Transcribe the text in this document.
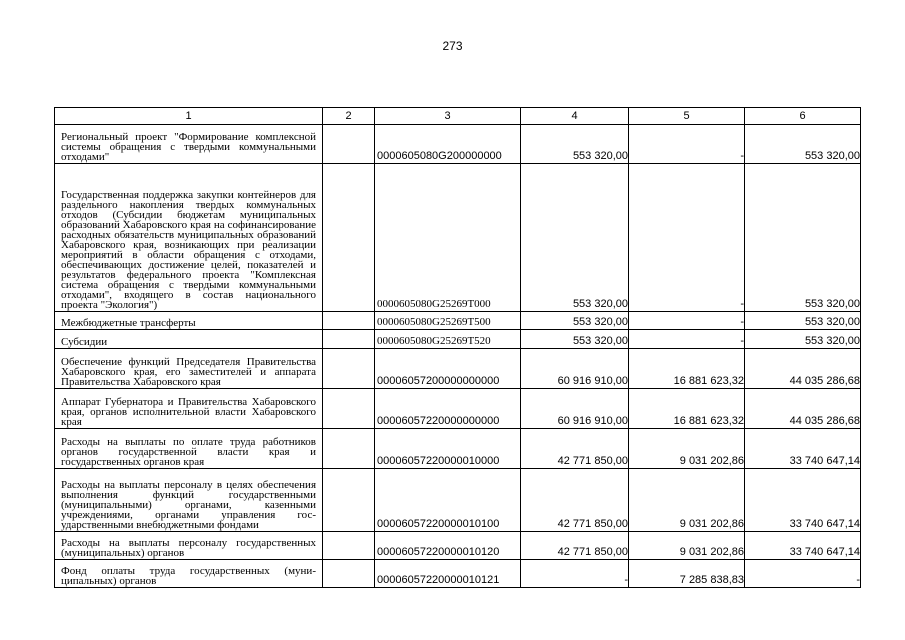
273
1	2	3	4	5	6
Региональный проект "Формирование комплексной системы обращения с твердыми коммунальными отходами"		0000605080G200000000	553 320,00	-	553 320,00
Государственная поддержка закупки контейнеров для раздельного накопления твердых коммунальных отходов (Субсидии бюджетам муниципальных образований Хабаровского края на софинансирование расходных обязательств муниципальных образований Хабаровского края, возникающих при реализации мероприятий в области обращения с отходами, обеспечивающих достижение целей, показателей и результатов федерального проекта "Комплексная система обращения с твердыми коммунальными отходами", входящего в состав национального проекта "Экология")		0000605080G25269Т000	553 320,00	-	553 320,00
Межбюджетные трансферты		0000605080G25269Т500	553 320,00	-	553 320,00
Субсидии		0000605080G25269Т520	553 320,00	-	553 320,00
Обеспечение функций Председателя Правительства Хабаровского края, его заместителей и аппарата Правительства Хабаровского края		00006057200000000000	60 916 910,00	16 881 623,32	44 035 286,68
Аппарат Губернатора и Правительства Хабаровского края, органов исполнительной власти Хабаровского края		00006057220000000000	60 916 910,00	16 881 623,32	44 035 286,68
Расходы на выплаты по оплате труда работников органов государственной власти края и государственных органов края		00006057220000010000	42 771 850,00	9 031 202,86	33 740 647,14
Расходы на выплаты персоналу в целях обеспечения выполнения функций государственными (муниципальными) органами, казенными учреждениями, органами управления государственными внебюджетными фондами		00006057220000010100	42 771 850,00	9 031 202,86	33 740 647,14
Расходы на выплаты персоналу государственных (муниципальных) органов		00006057220000010120	42 771 850,00	9 031 202,86	33 740 647,14
Фонд оплаты труда государственных (муниципальных) органов		00006057220000010121	-	7 285 838,83	-
